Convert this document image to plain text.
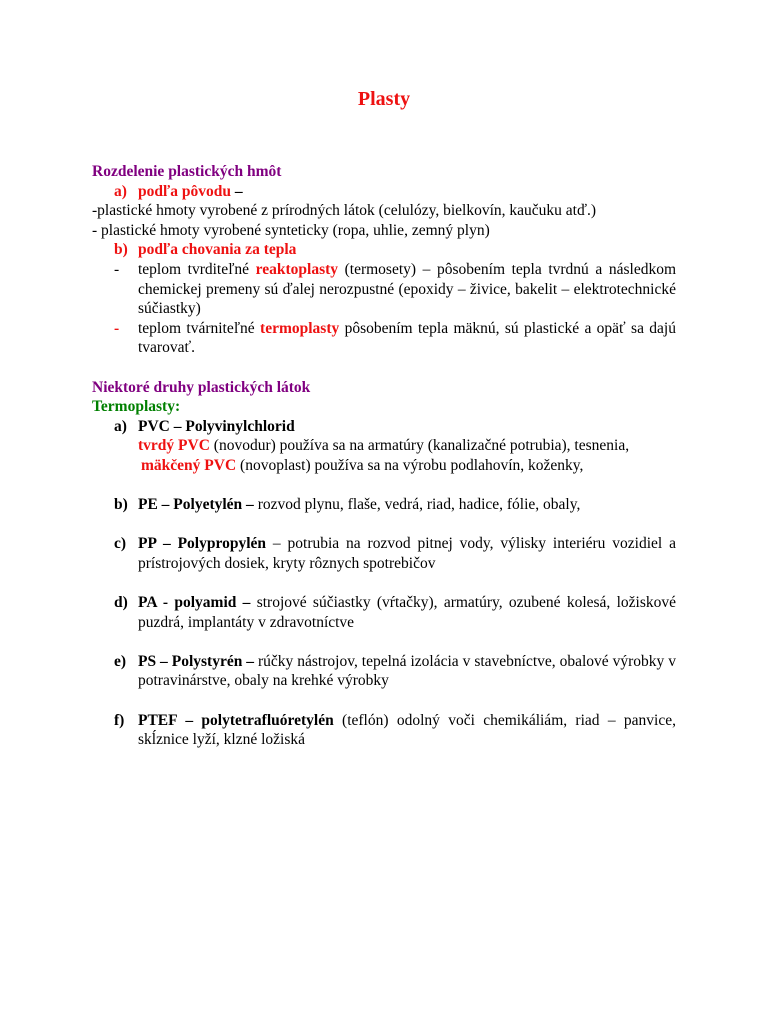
Plasty
Rozdelenie plastických hmôt
a) podľa pôvodu –
-plastické hmoty vyrobené z prírodných látok (celulózy, bielkovín, kaučuku atď.)
- plastické hmoty vyrobené synteticky (ropa, uhlie, zemný plyn)
b) podľa chovania za tepla
-	teplom tvrditeľné reaktoplasty (termosety) – pôsobením tepla tvrdnú a následkom chemickej premeny sú ďalej nerozpustné (epoxidy – živice, bakelit – elektrotechnické súčiastky)
-	teplom tvárniteľné termoplasty pôsobením tepla mäknú, sú plastické a opäť sa dajú tvarovať.
Niektoré druhy plastických látok
Termoplasty:
a) PVC – Polyvinylchlorid
tvrdý PVC (novodur) používa sa na armatúry (kanalizačné potrubia), tesnenia,
mäkčený PVC (novoplast) používa sa na výrobu podlahovín, koženky,
b) PE – Polyetylén – rozvod plynu, flaše, vedrá, riad, hadice, fólie, obaly,
c) PP – Polypropylén – potrubia na rozvod pitnej vody, výlisky interiéru vozidiel a prístrojových dosiek, kryty rôznych spotrebičov
d) PA - polyamid – strojové súčiastky (vŕtačky), armatúry, ozubené kolesá, ložiskové puzdrá, implantáty v zdravotníctve
e) PS – Polystyrén – rúčky nástrojov, tepelná izolácia v stavebníctve, obalové výrobky v potravinárstve, obaly na krehké výrobky
f) PTEF – polytetrafluóretylén (teflón) odolný voči chemikáliám, riad – panvice, skĺznice lyží, klzné ložiská
